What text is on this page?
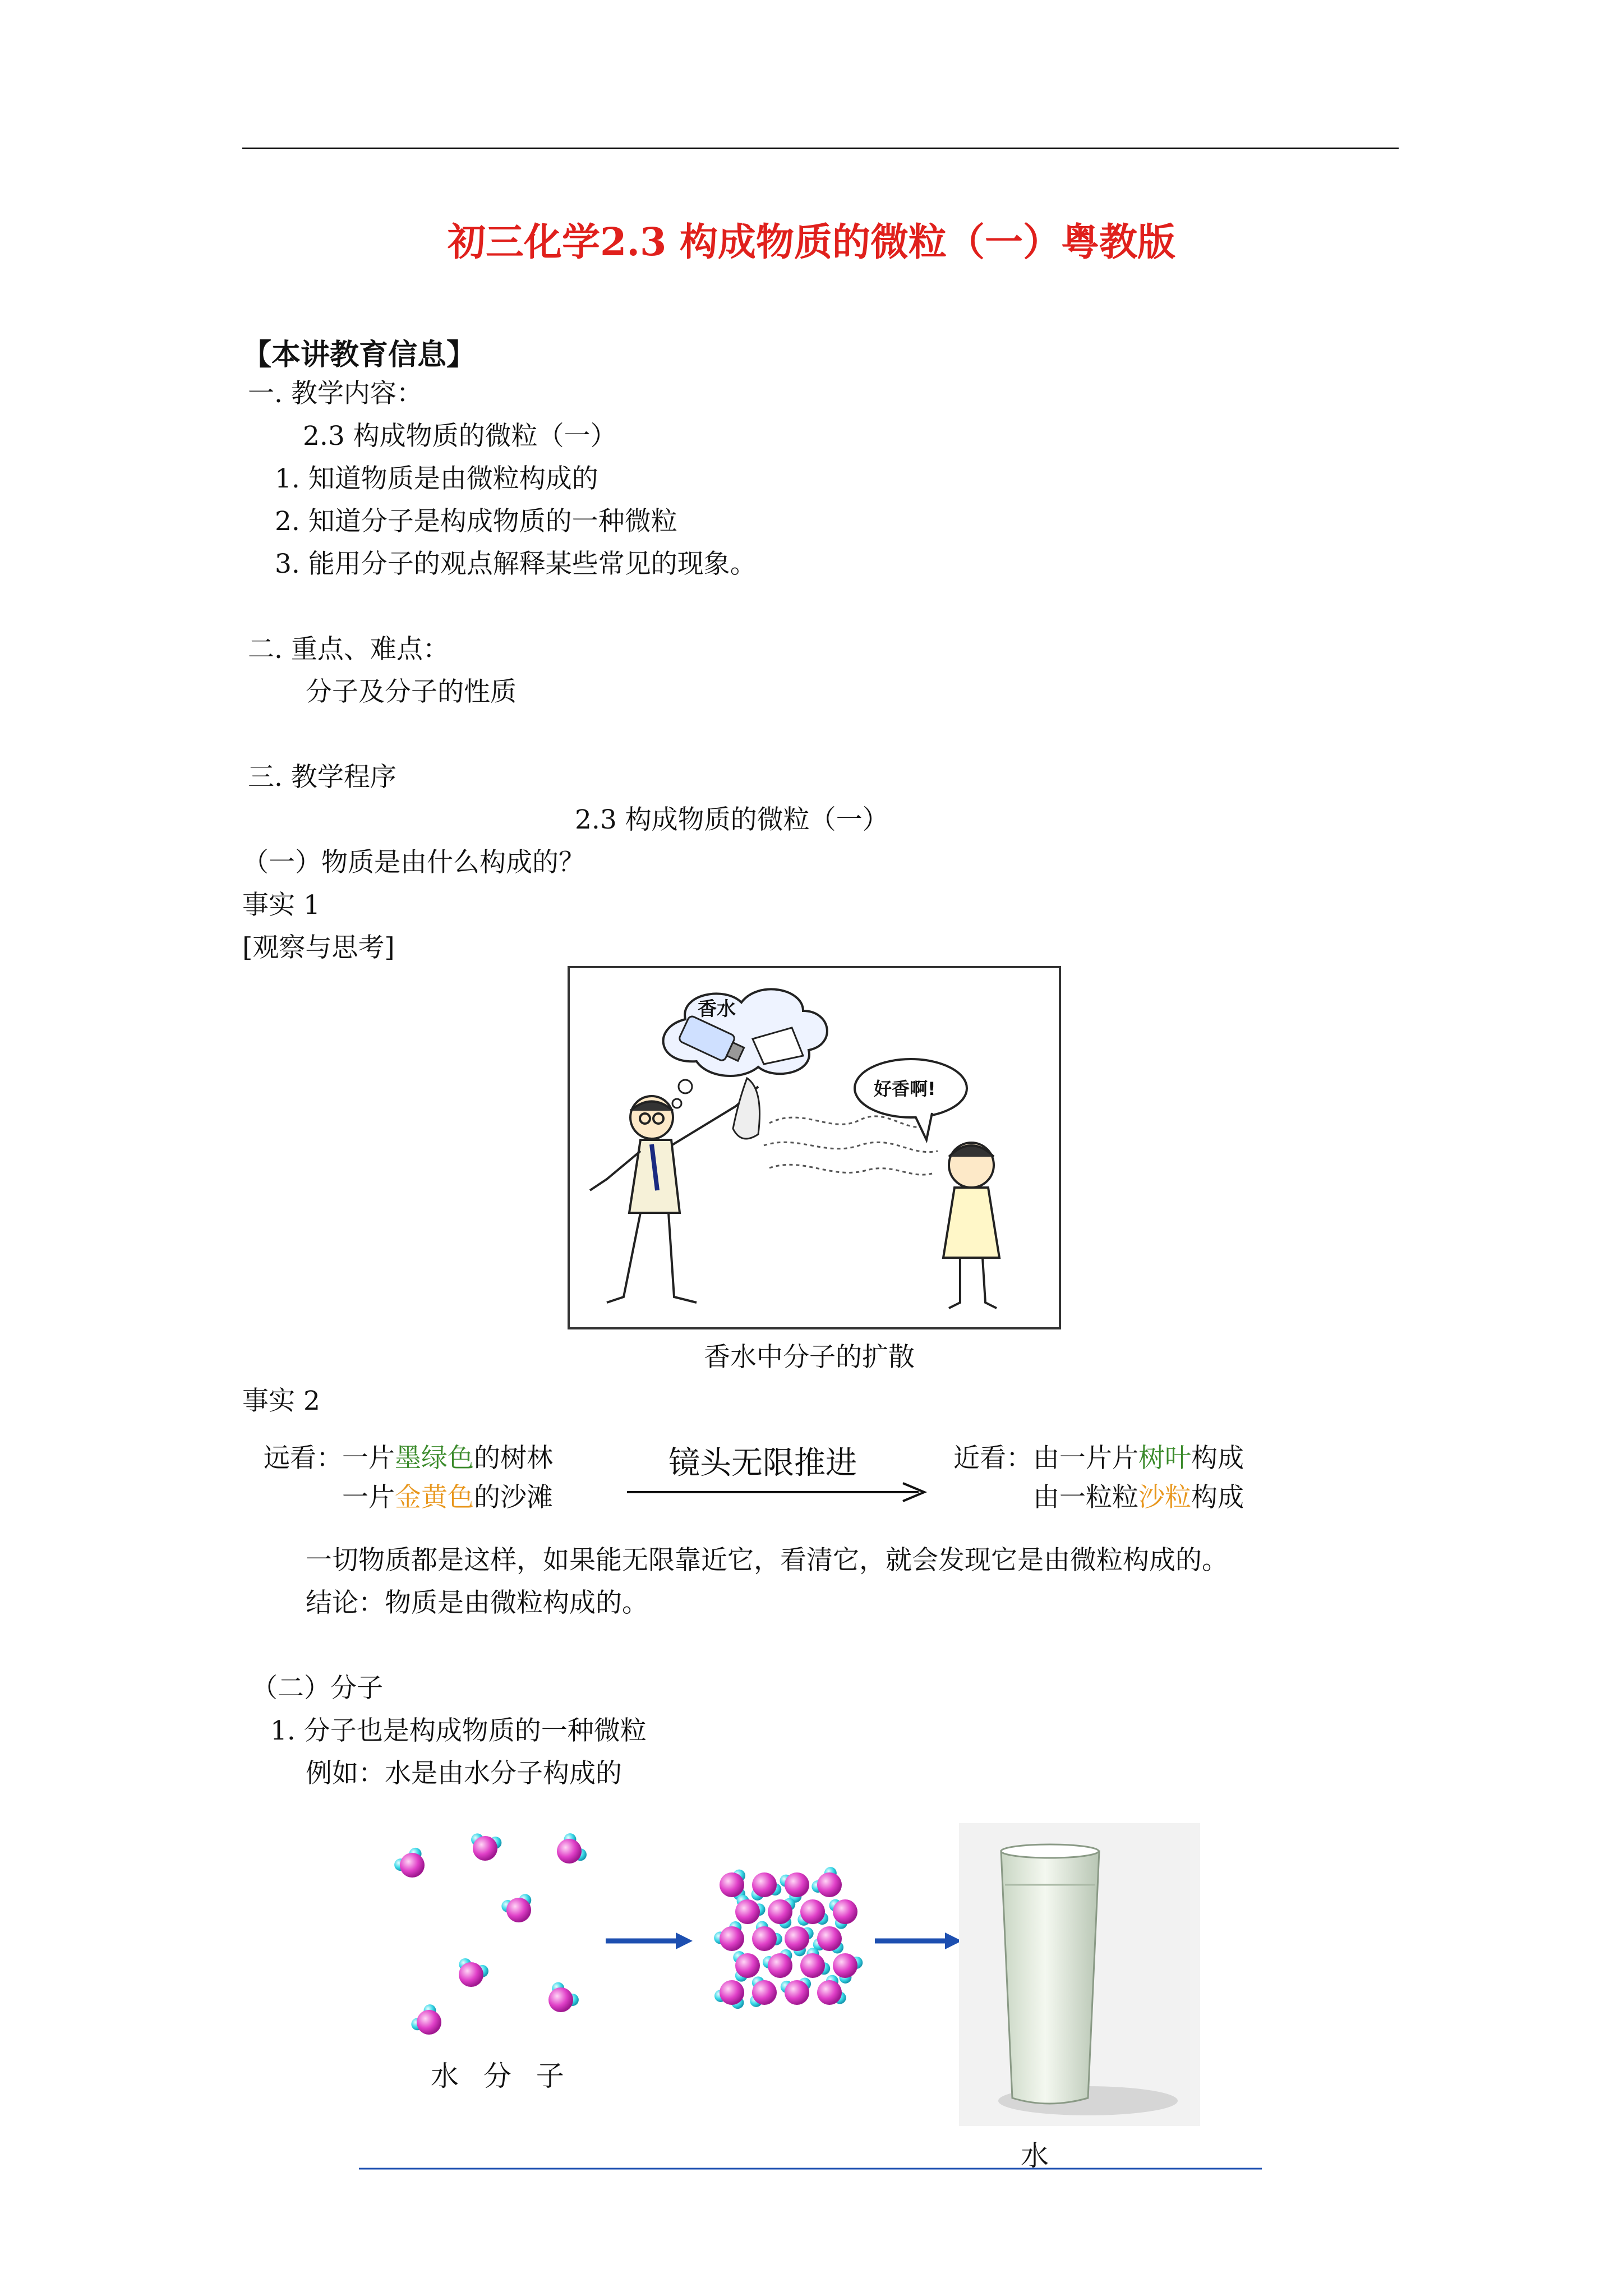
初三化学2.3 构成物质的微粒（一）粤教版
【本讲教育信息】
一. 教学内容：
2.3 构成物质的微粒（一）
1. 知道物质是由微粒构成的
2. 知道分子是构成物质的一种微粒
3. 能用分子的观点解释某些常见的现象。
二. 重点、难点：
分子及分子的性质
三. 教学程序
2.3 构成物质的微粒（一）
（一）物质是由什么构成的？
事实 1
[观察与思考]
香水
好香啊!
香水中分子的扩散
事实 2
远看： 一片墨绿色的树林
一片金黄色的沙滩
镜头无限推进	近看： 由一片片树叶构成
由一粒粒沙粒构成
一切物质都是这样，如果能无限靠近它，看清它，就会发现它是由微粒构成的。
结论：物质是由微粒构成的。
（二）分子
1. 分子也是构成物质的一种微粒
例如：水是由水分子构成的
水 分 子
水
